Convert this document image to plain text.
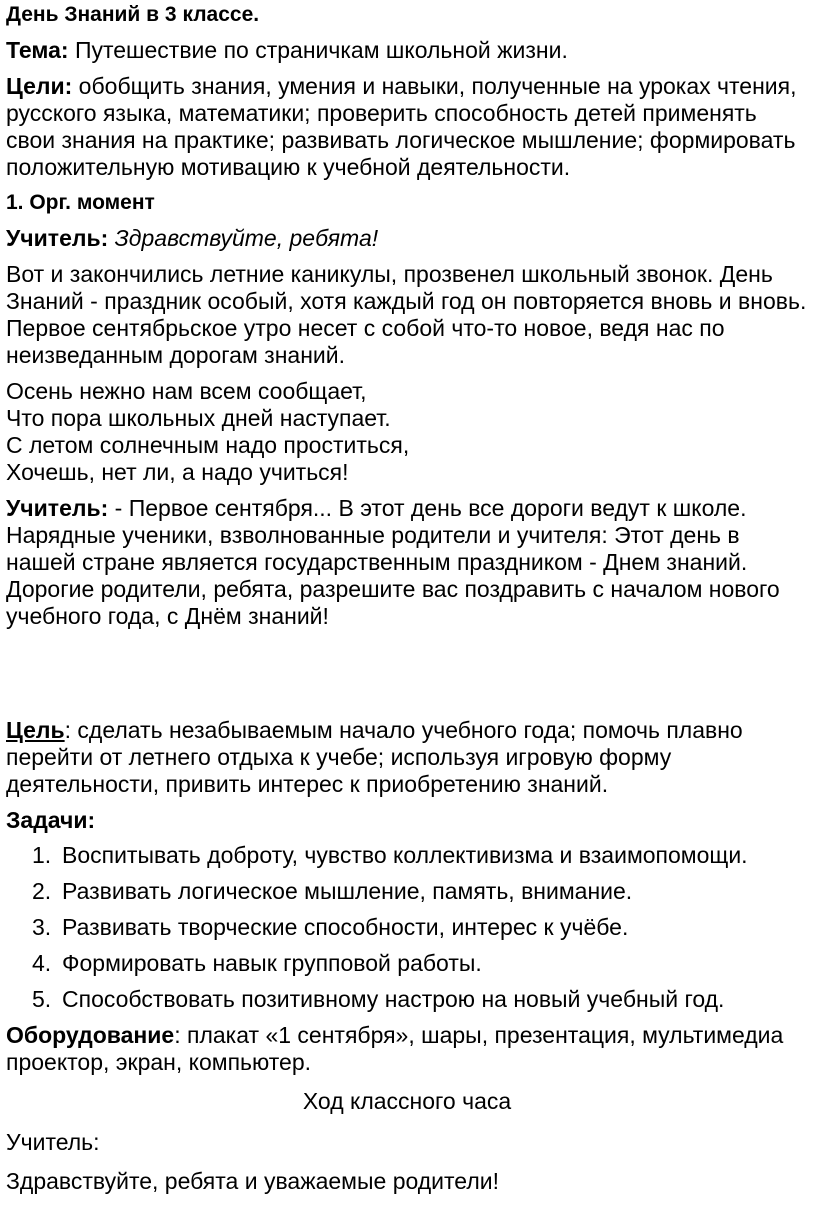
День Знаний в 3 классе.

Тема: Путешествие по страничкам школьной жизни.

Цели: обобщить знания, умения и навыки, полученные на уроках чтения, русского языка, математики; проверить способность детей применять свои знания на практике; развивать логическое мышление; формировать положительную мотивацию к учебной деятельности.

1. Орг. момент

Учитель: Здравствуйте, ребята!

Вот и закончились летние каникулы, прозвенел школьный звонок. День Знаний - праздник особый, хотя каждый год он повторяется вновь и вновь. Первое сентябрьское утро несет с собой что-то новое, ведя нас по неизведанным дорогам знаний.

Осень нежно нам всем сообщает,
Что пора школьных дней наступает.
С летом солнечным надо проститься,
Хочешь, нет ли, а надо учиться!

Учитель: - Первое сентября... В этот день все дороги ведут к школе. Нарядные ученики, взволнованные родители и учителя: Этот день в нашей стране является государственным праздником - Днем знаний. Дорогие родители, ребята, разрешите вас поздравить с началом нового учебного года, с Днём знаний!

Цель: сделать незабываемым начало учебного года; помочь плавно перейти от летнего отдыха к учебе; используя игровую форму деятельности, привить интерес к приобретению знаний.

Задачи:

1. Воспитывать доброту, чувство коллективизма и взаимопомощи.
2. Развивать логическое мышление, память, внимание.
3. Развивать творческие способности, интерес к учёбе.
4. Формировать навык групповой работы.
5. Способствовать позитивному настрою на новый учебный год.

Оборудование: плакат «1 сентября», шары, презентация, мультимедиа проектор, экран, компьютер.

Ход классного часа

Учитель:

Здравствуйте, ребята и уважаемые родители!
